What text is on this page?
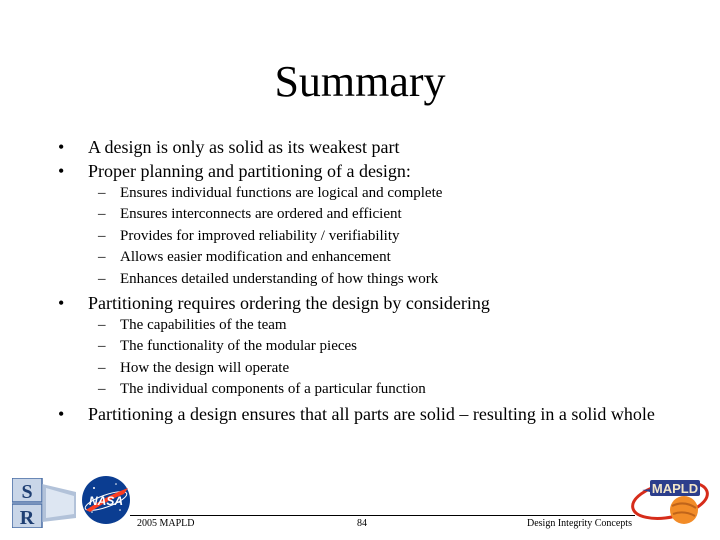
Summary
• A design is only as solid as its weakest part
• Proper planning and partitioning of a design:
– Ensures individual functions are logical and complete
– Ensures interconnects are ordered and efficient
– Provides for improved reliability / verifiability
– Allows easier modification and enhancement
– Enhances detailed understanding of how things work
• Partitioning requires ordering the design by considering
– The capabilities of the team
– The functionality of the modular pieces
– How the design will operate
– The individual components of a particular function
• Partitioning a design ensures that all parts are solid – resulting in a solid whole
S
R
NASA
2005 MAPLD	84	Design Integrity Concepts
MAPLD
